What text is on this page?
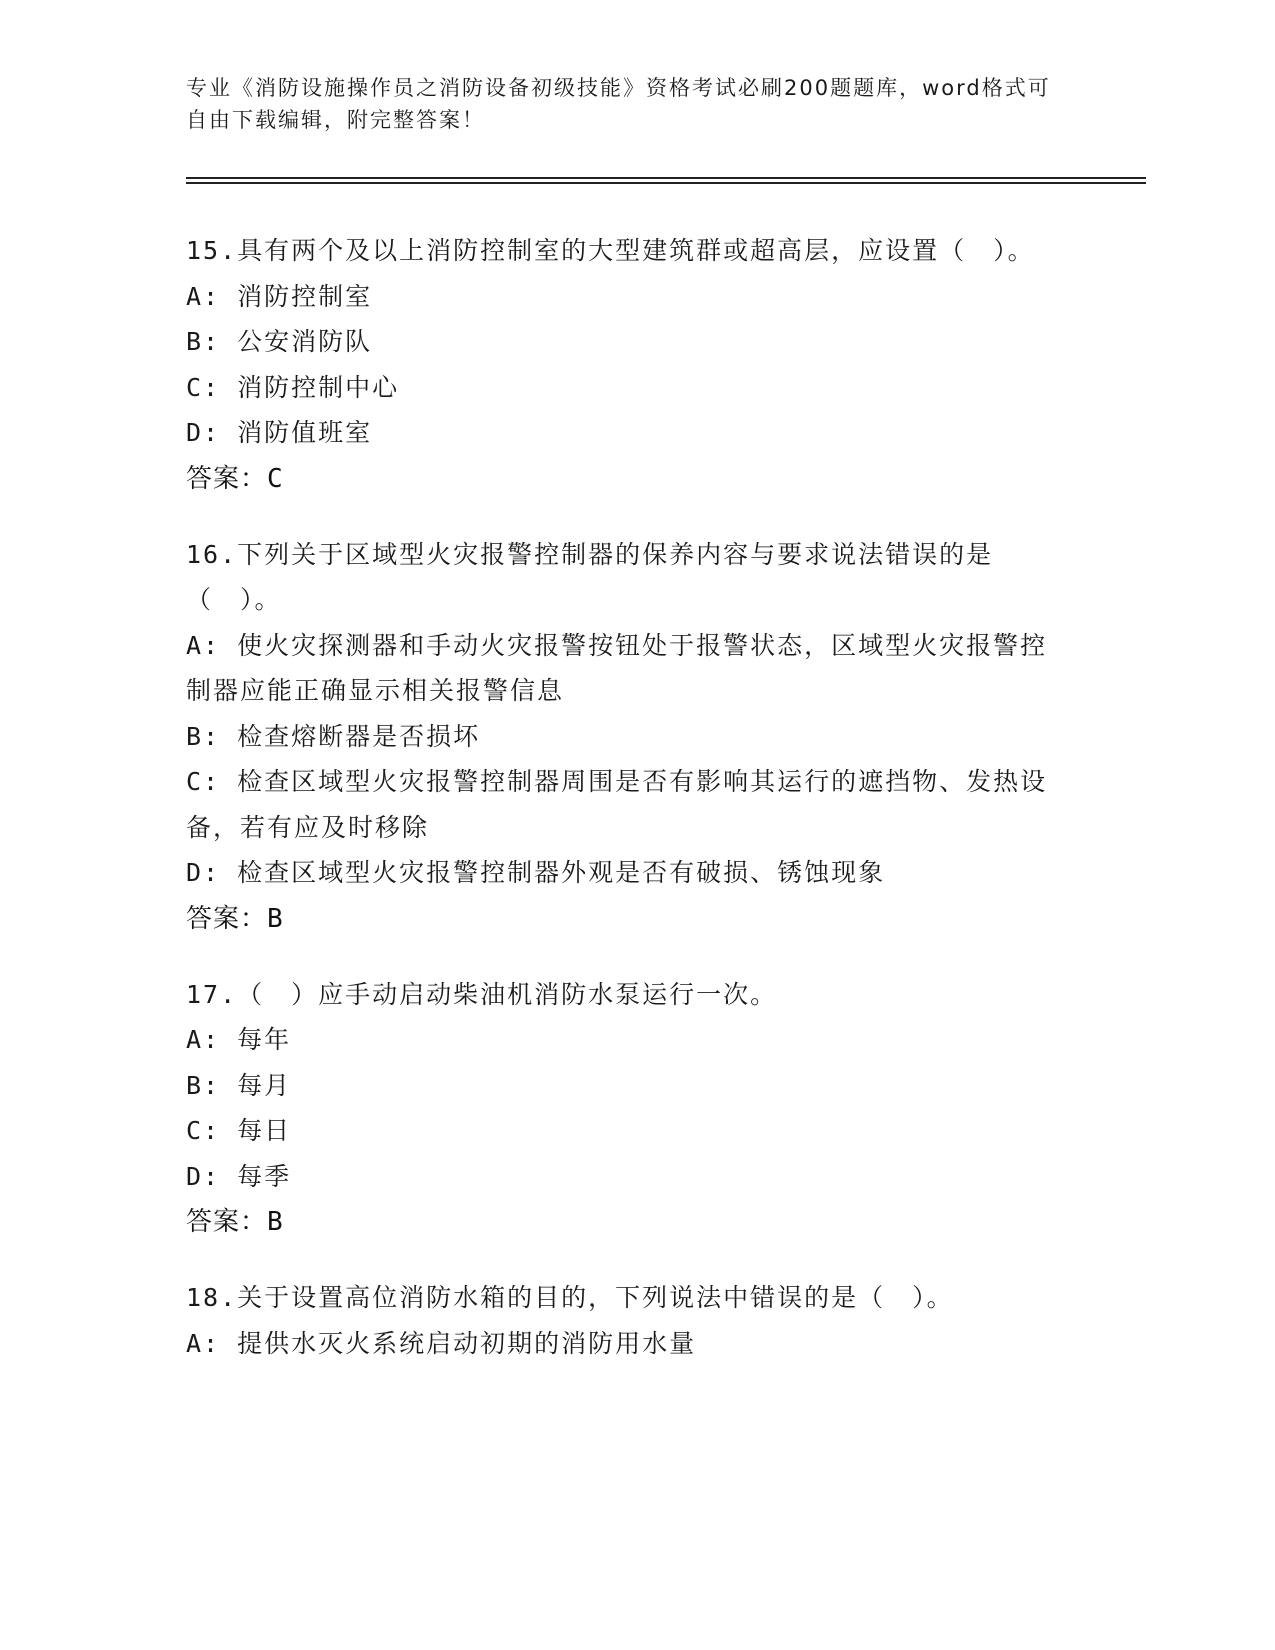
专业《消防设施操作员之消防设备初级技能》资格考试必刷200题题库，word格式可自由下载编辑，附完整答案！
15.具有两个及以上消防控制室的大型建筑群或超高层，应设置（　）。
A: 消防控制室
B: 公安消防队
C: 消防控制中心
D: 消防值班室
答案：C
16.下列关于区域型火灾报警控制器的保养内容与要求说法错误的是（　）。
A: 使火灾探测器和手动火灾报警按钮处于报警状态，区域型火灾报警控制器应能正确显示相关报警信息
B: 检查熔断器是否损坏
C: 检查区域型火灾报警控制器周围是否有影响其运行的遮挡物、发热设备，若有应及时移除
D: 检查区域型火灾报警控制器外观是否有破损、锈蚀现象
答案：B
17.（　）应手动启动柴油机消防水泵运行一次。
A: 每年
B: 每月
C: 每日
D: 每季
答案：B
18.关于设置高位消防水箱的目的，下列说法中错误的是（　）。
A: 提供水灭火系统启动初期的消防用水量
